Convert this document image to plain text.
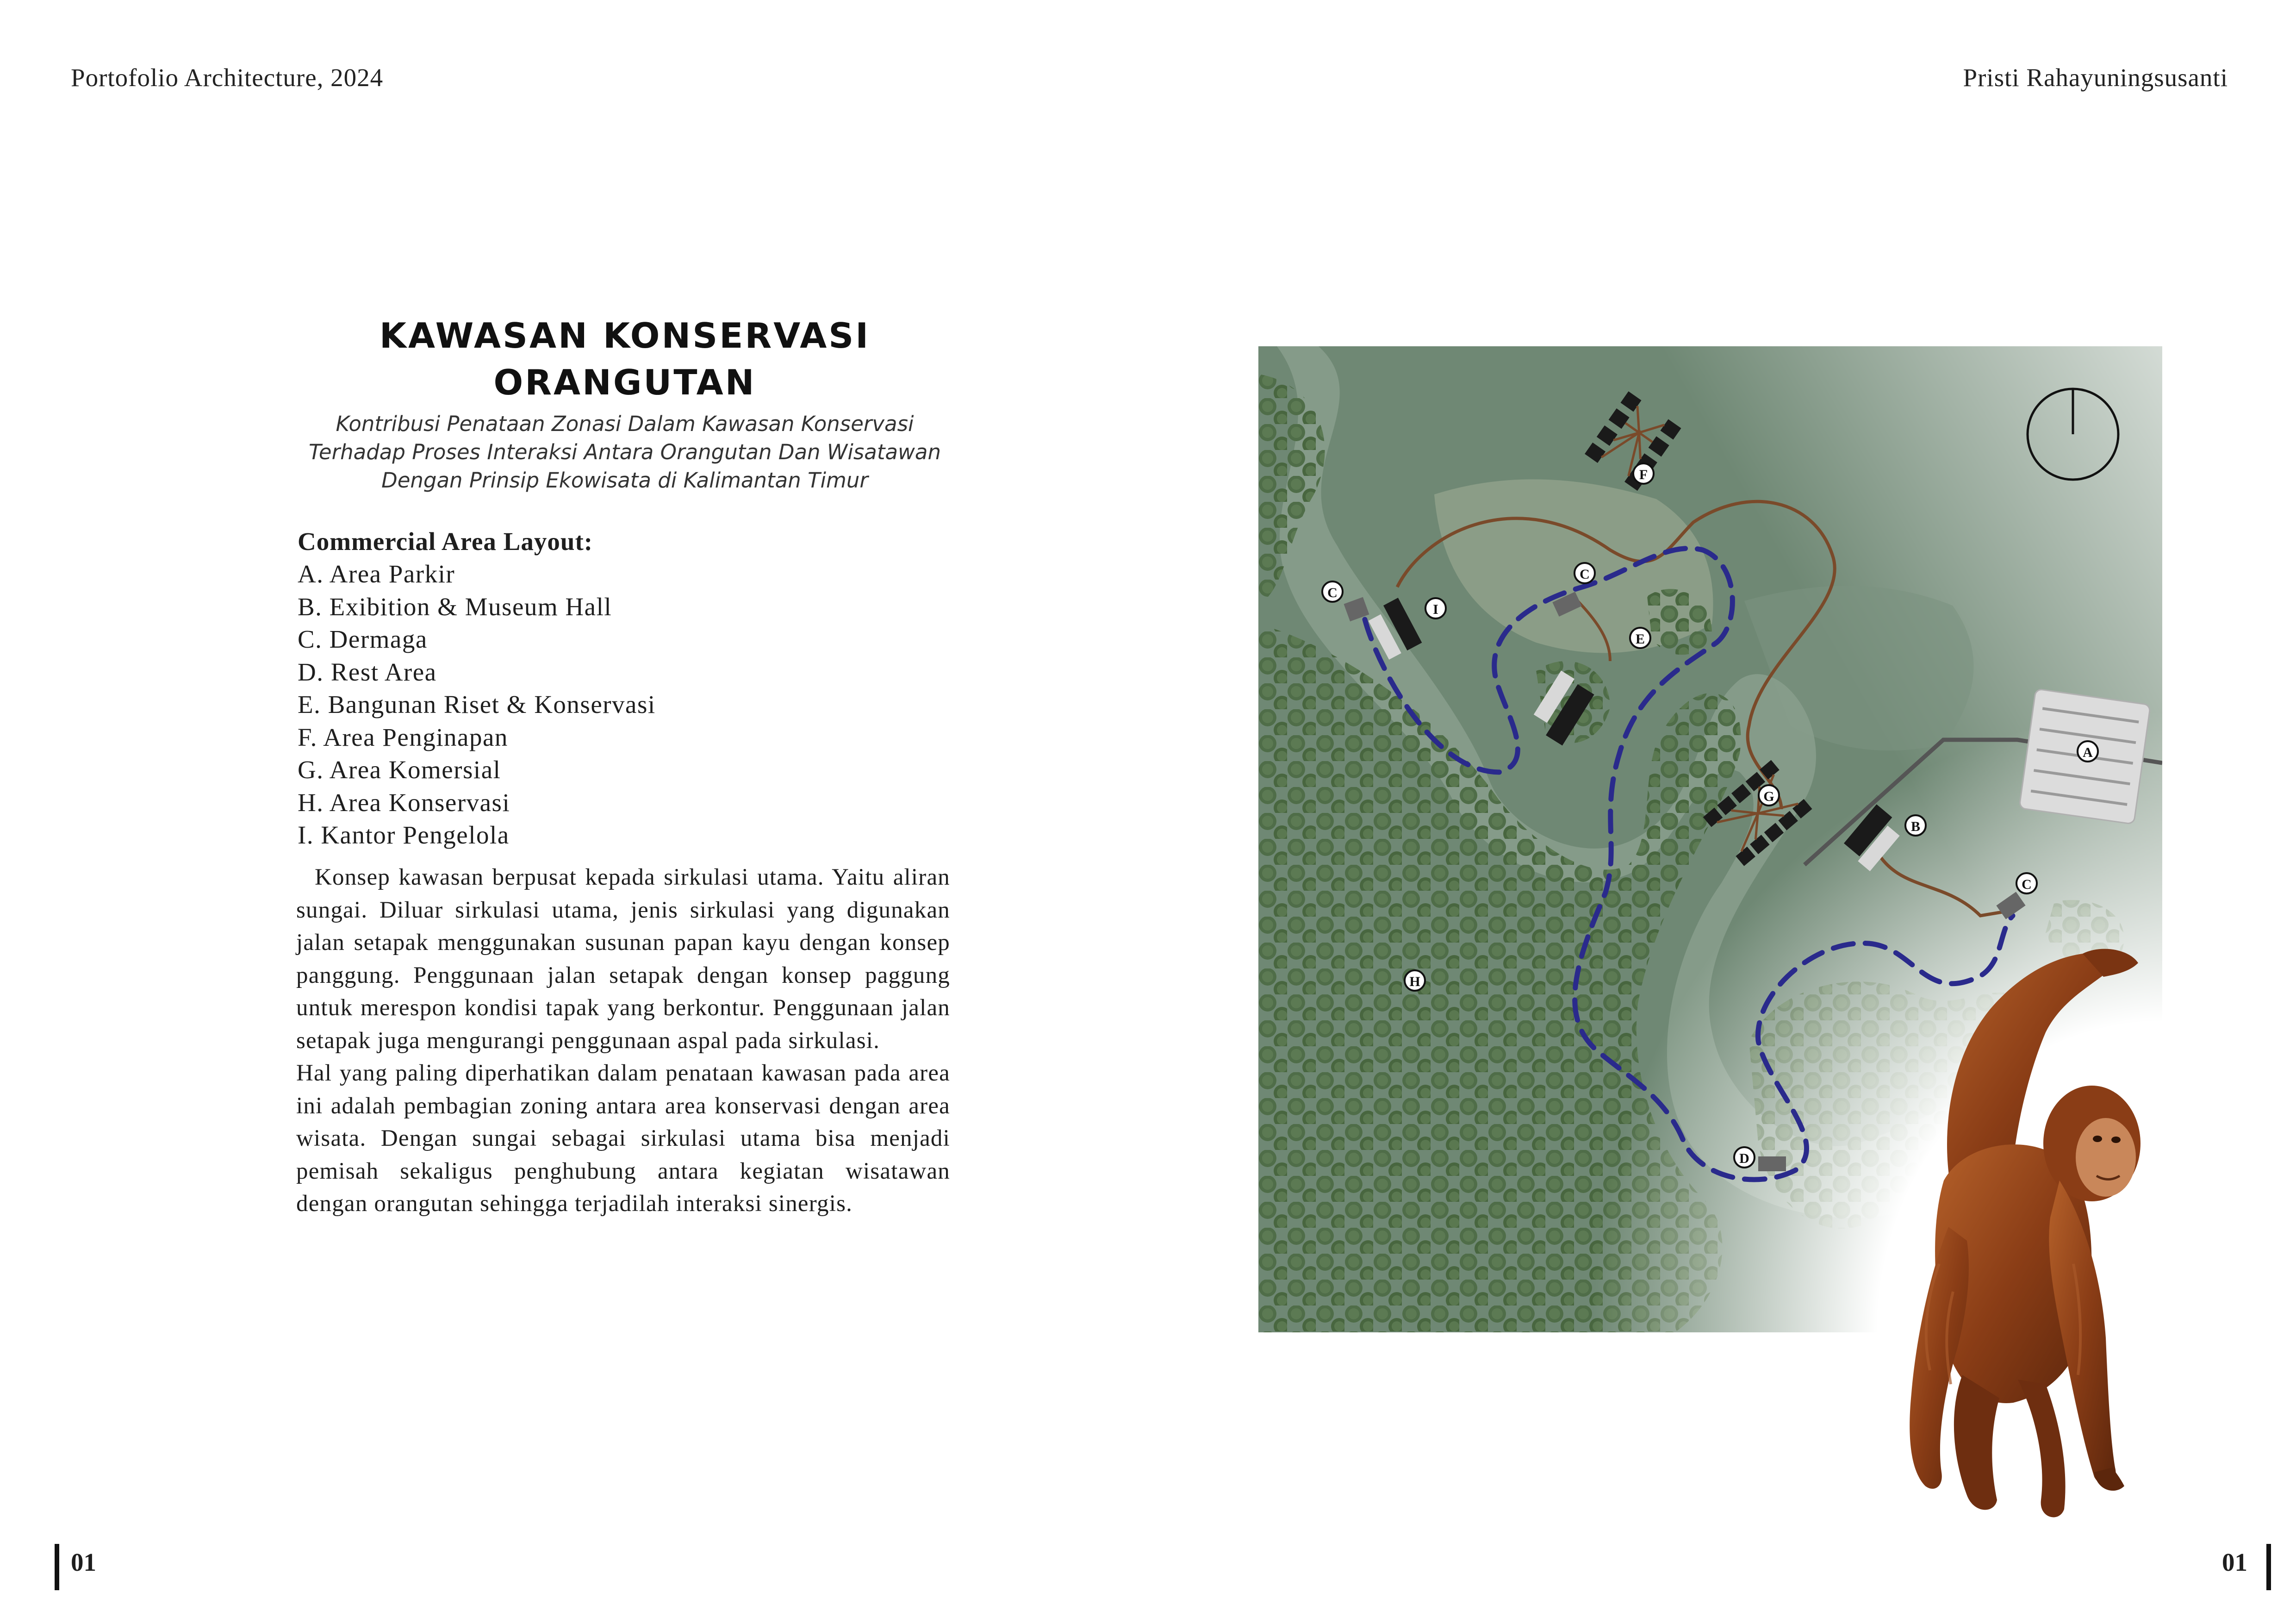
Portofolio Architecture, 2024	Pristi Rahayuningsusanti
KAWASAN KONSERVASI
ORANGUTAN
Kontribusi Penataan Zonasi Dalam Kawasan Konservasi
Terhadap Proses Interaksi Antara Orangutan Dan Wisatawan
Dengan Prinsip Ekowisata di Kalimantan Timur
Commercial Area Layout:
A. Area Parkir
B. Exibition & Museum Hall
C. Dermaga
D. Rest Area
E. Bangunan Riset & Konservasi
F. Area Penginapan
G. Area Komersial
H. Area Konservasi
I. Kantor Pengelola

Konsep kawasan berpusat kepada sirkulasi utama. Yaitu aliran sungai. Diluar sirkulasi utama, jenis sirkulasi yang digunakan jalan setapak menggunakan susunan papan kayu dengan konsep panggung. Penggunaan jalan setapak dengan konsep paggung untuk merespon kondisi tapak yang berkontur. Penggunaan jalan setapak juga mengurangi penggunaan aspal pada sirkulasi.

Hal yang paling diperhatikan dalam penataan kawasan pada area ini adalah pembagian zoning antara area konservasi dengan area wisata. Dengan sungai sebagai sirkulasi utama bisa menjadi pemisah sekaligus penghubung antara kegiatan wisatawan dengan orangutan sehingga terjadilah interaksi sinergis.

A
B
C
C
C
D
E
F
G
H
I
01	01
